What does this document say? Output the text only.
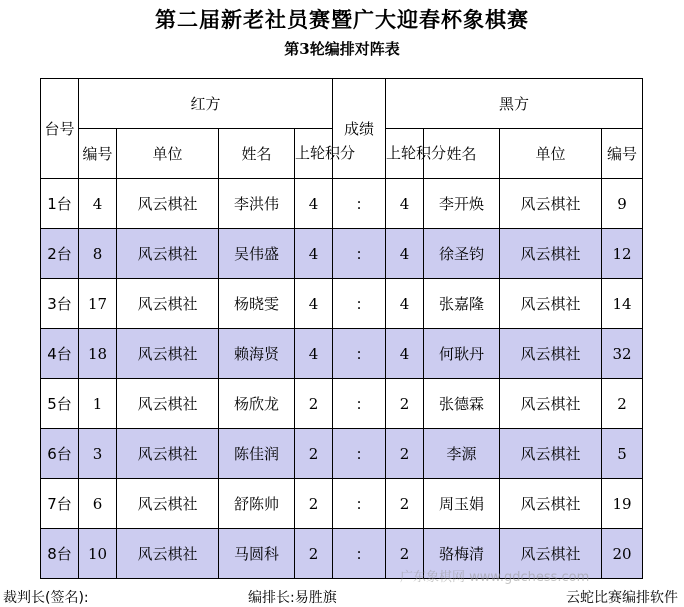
第二届新老社员赛暨广大迎春杯象棋赛
第3轮编排对阵表
台号	红方				成绩	黑方			
	编号	单位	姓名	上轮积分		上轮积分	姓名	单位	编号
1台	4	风云棋社	李洪伟	4	:	4	李开焕	风云棋社	9
2台	8	风云棋社	吴伟盛	4	:	4	徐圣钧	风云棋社	12
3台	17	风云棋社	杨晓雯	4	:	4	张嘉隆	风云棋社	14
4台	18	风云棋社	赖海贤	4	:	4	何耿丹	风云棋社	32
5台	1	风云棋社	杨欣龙	2	:	2	张德霖	风云棋社	2
6台	3	风云棋社	陈佳润	2	:	2	李源	风云棋社	5
7台	6	风云棋社	舒陈帅	2	:	2	周玉娟	风云棋社	19
8台	10	风云棋社	马圆科	2	:	2	骆梅清	风云棋社	20
裁判长(签名):	编排长:易胜旗	云蛇比赛编排软件
广东象棋网 www.gdchess.com
